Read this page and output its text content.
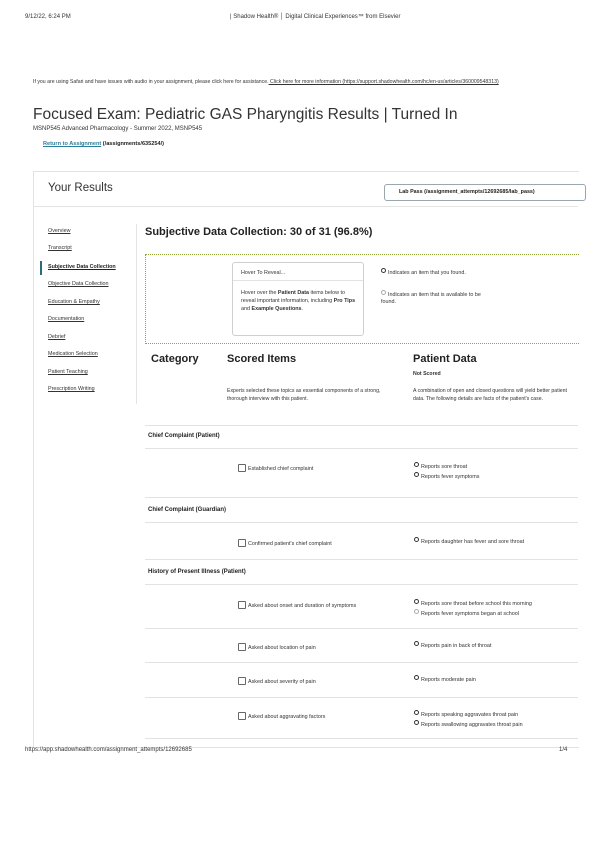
9/12/22, 6:24 PM	| Shadow Health® │ Digital Clinical Experiences™ from Elsevier
If you are using Safari and have issues with audio in your assignment, please click here for assistance. Click here for more information (https://support.shadowhealth.com/hc/en-us/articles/360009548313)
Focused Exam: Pediatric GAS Pharyngitis Results | Turned In
MSNP545 Advanced Pharmacology - Summer 2022, MSNP545
Return to Assignment (/assignments/635254/)
Your Results	Lab Pass (/assignment_attempts/12692685/lab_pass)
Overview
Transcript
Subjective Data Collection
Objective Data Collection
Education & Empathy
Documentation
Debrief
Medication Selection
Patient Teaching
Prescription Writing
Subjective Data Collection: 30 of 31 (96.8%)
Hover To Reveal...
Hover over the Patient Data items below to reveal important information, including Pro Tips and Example Questions.
Indicates an item that you found.
Indicates an item that is available to be found.
Category	Scored Items	Patient Data
Not Scored
Experts selected these topics as essential components of a strong, thorough interview with this patient.
A combination of open and closed questions will yield better patient data. The following details are facts of the patient's case.
Chief Complaint (Patient)
Established chief complaint	Reports sore throat
Reports fever symptoms
Chief Complaint (Guardian)
Confirmed patient's chief complaint	Reports daughter has fever and sore throat
History of Present Illness (Patient)
Asked about onset and duration of symptoms	Reports sore throat before school this morning
Reports fever symptoms began at school
Asked about location of pain	Reports pain in back of throat
Asked about severity of pain	Reports moderate pain
Asked about aggravating factors	Reports speaking aggravates throat pain
Reports swallowing aggravates throat pain
https://app.shadowhealth.com/assignment_attempts/12692685	1/4
